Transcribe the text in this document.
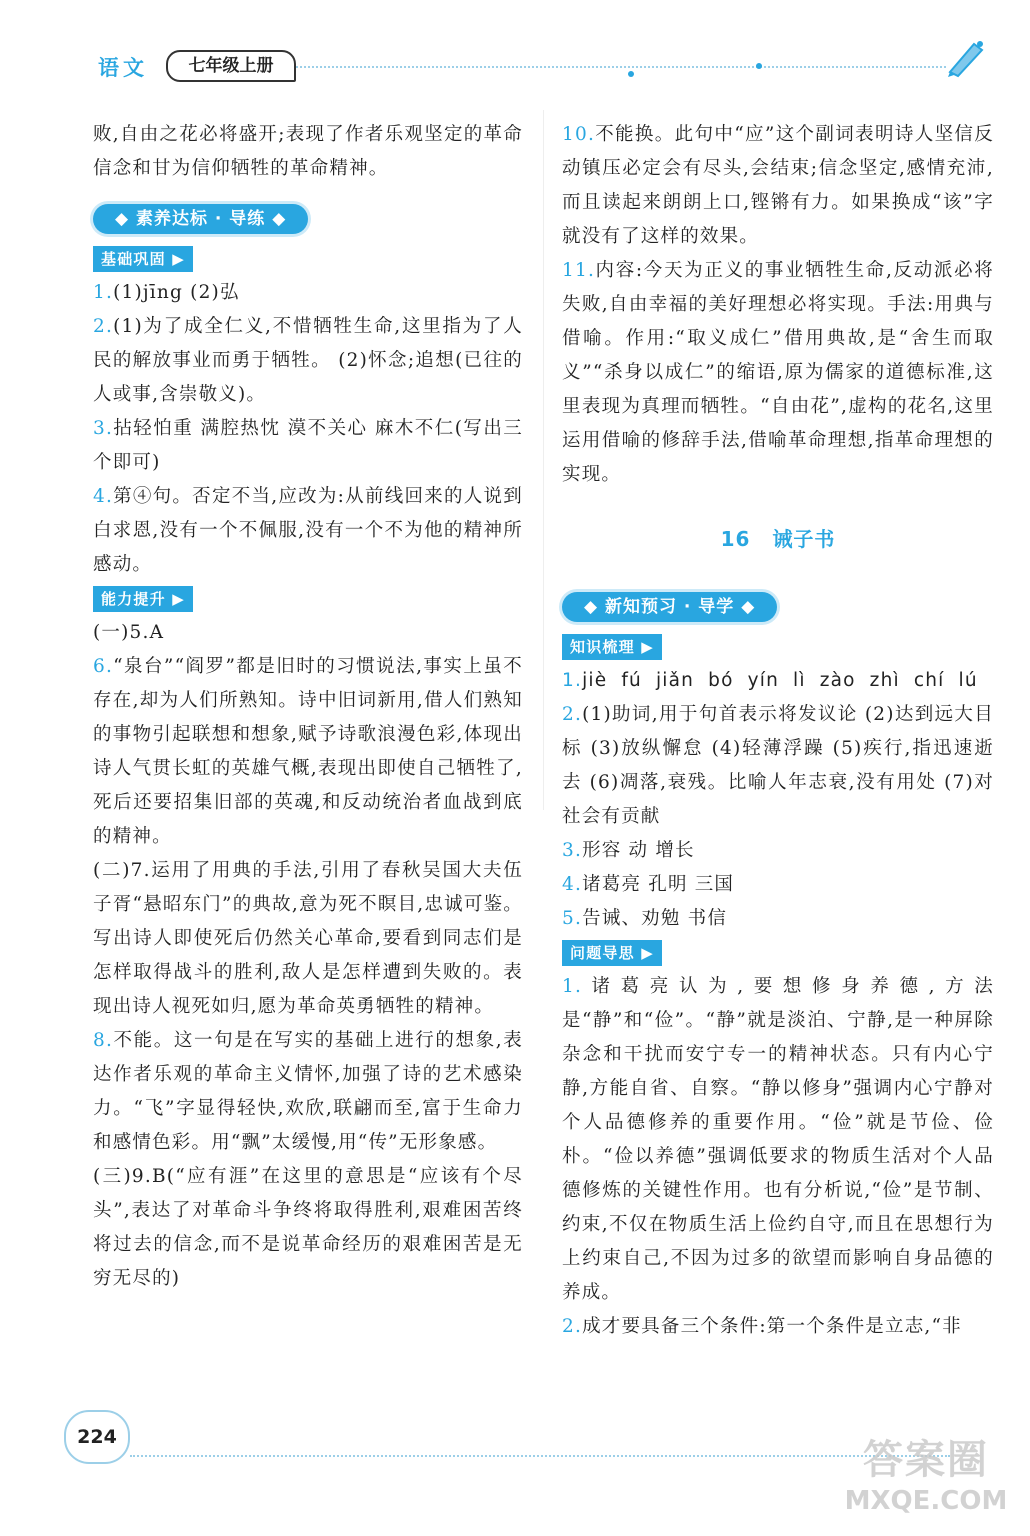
语文	七年级上册

败,自由之花必将盛开;表现了作者乐观坚定的革命信念和甘为信仰牺牲的革命精神。

◆ 素养达标 · 导练 ◆
基础巩固 ▶

1.(1)jīng (2)弘

2.(1)为了成全仁义,不惜牺牲生命,这里指为了人民的解放事业而勇于牺牲。 (2)怀念;追想(已往的人或事,含崇敬义)。

3.拈轻怕重 满腔热忱 漠不关心 麻木不仁(写出三个即可)

4.第④句。否定不当,应改为:从前线回来的人说到白求恩,没有一个不佩服,没有一个不为他的精神所感动。

能力提升 ▶

(一)5.A

6.“泉台”“阎罗”都是旧时的习惯说法,事实上虽不存在,却为人们所熟知。诗中旧词新用,借人们熟知的事物引起联想和想象,赋予诗歌浪漫色彩,体现出诗人气贯长虹的英雄气概,表现出即使自己牺牲了,死后还要招集旧部的英魂,和反动统治者血战到底的精神。

(二)7.运用了用典的手法,引用了春秋吴国大夫伍子胥“悬昭东门”的典故,意为死不瞑目,忠诚可鉴。写出诗人即使死后仍然关心革命,要看到同志们是怎样取得战斗的胜利,敌人是怎样遭到失败的。表现出诗人视死如归,愿为革命英勇牺牲的精神。

8.不能。这一句是在写实的基础上进行的想象,表达作者乐观的革命主义情怀,加强了诗的艺术感染力。“飞”字显得轻快,欢欣,联翩而至,富于生命力和感情色彩。用“飘”太缓慢,用“传”无形象感。

(三)9.B(“应有涯”在这里的意思是“应该有个尽头”,表达了对革命斗争终将取得胜利,艰难困苦终将过去的信念,而不是说革命经历的艰难困苦是无穷无尽的)

10.不能换。此句中“应”这个副词表明诗人坚信反动镇压必定会有尽头,会结束;信念坚定,感情充沛,而且读起来朗朗上口,铿锵有力。如果换成“该”字就没有了这样的效果。

11.内容:今天为正义的事业牺牲生命,反动派必将失败,自由幸福的美好理想必将实现。手法:用典与借喻。作用:“取义成仁”借用典故,是“舍生而取义”“杀身以成仁”的缩语,原为儒家的道德标准,这里表现为真理而牺牲。“自由花”,虚构的花名,这里运用借喻的修辞手法,借喻革命理想,指革命理想的实现。

16 诫子书
◆ 新知预习 · 导学 ◆
知识梳理 ▶

1.jiè fú jiǎn bó yín lì zào zhì chí lú

2.(1)助词,用于句首表示将发议论 (2)达到远大目标 (3)放纵懈怠 (4)轻薄浮躁 (5)疾行,指迅速逝去 (6)凋落,衰残。比喻人年志衰,没有用处 (7)对社会有贡献

3.形容 动 增长

4.诸葛亮 孔明 三国

5.告诫、劝勉 书信

问题导思 ▶

1.诸葛亮认为,要想修身养德,方法是“静”和“俭”。“静”就是淡泊、宁静,是一种屏除杂念和干扰而安宁专一的精神状态。只有内心宁静,方能自省、自察。“静以修身”强调内心宁静对个人品德修养的重要作用。“俭”就是节俭、俭朴。“俭以养德”强调低要求的物质生活对个人品德修炼的关键性作用。也有分析说,“俭”是节制、约束,不仅在物质生活上俭约自守,而且在思想行为上约束自己,不因为过多的欲望而影响自身品德的养成。

2.成才要具备三个条件:第一个条件是立志,“非

224	答案圈
MXQE.COM
